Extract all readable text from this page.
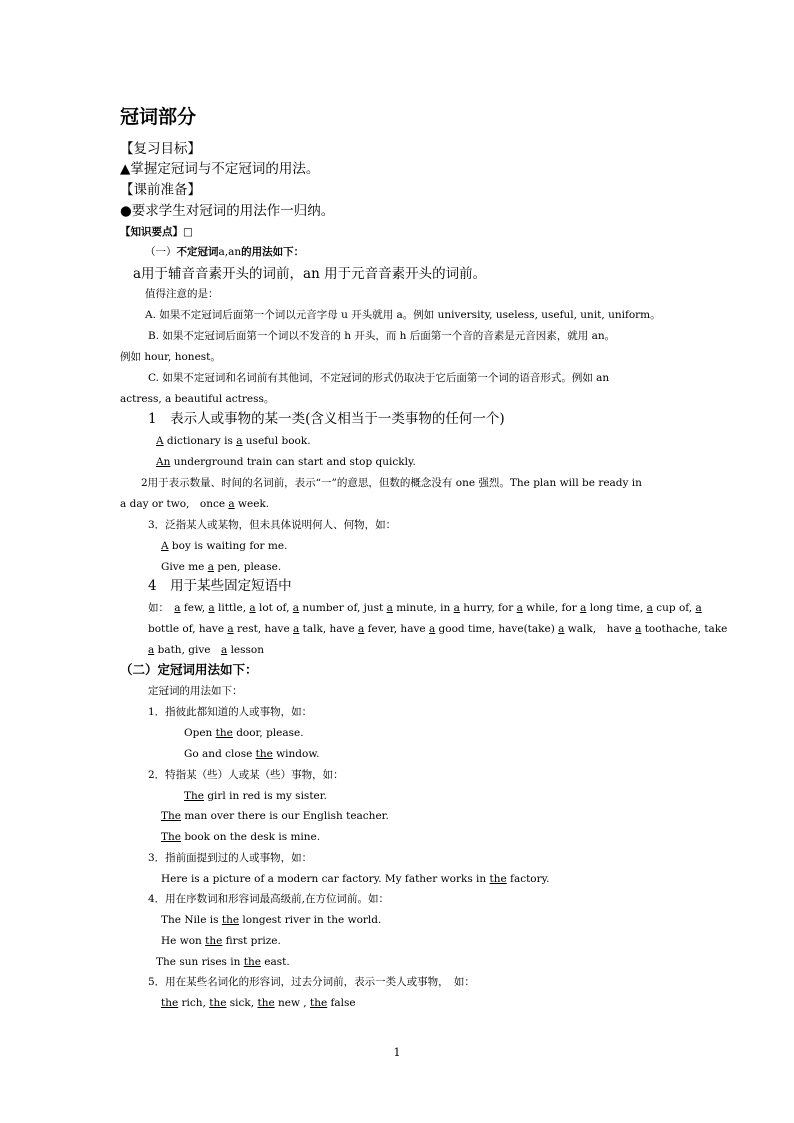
冠词部分
【复习目标】
▲掌握定冠词与不定冠词的用法。
【课前准备】
●要求学生对冠词的用法作一归纳。
【知识要点】□
（一）不定冠词a,an的用法如下：
a用于辅音音素开头的词前，an 用于元音音素开头的词前。
值得注意的是：
A. 如果不定冠词后面第一个词以元音字母 u 开头就用 a。例如 university, useless, useful, unit, uniform。
B. 如果不定冠词后面第一个词以不发音的 h 开头，而 h 后面第一个音的音素是元音因素，就用 an。
例如 hour, honest。
C. 如果不定冠词和名词前有其他词，不定冠词的形式仍取决于它后面第一个词的语音形式。例如 an
actress, a beautiful actress。
1　表示人或事物的某一类(含义相当于一类事物的任何一个)
A dictionary is a useful book.
An underground train can start and stop quickly.
2用于表示数量、时间的名词前，表示“一”的意思，但数的概念没有 one 强烈。The plan will be ready in
a day or two,　once a week.
3．泛指某人或某物，但未具体说明何人、何物，如：
A boy is waiting for me.
Give me a pen, please.
4　用于某些固定短语中
如：　a few, a little, a lot of, a number of, just a minute, in a hurry, for a while, for a long time, a cup of, a
bottle of, have a rest, have a talk, have a fever, have a good time, have(take) a walk,　have a toothache, take
a bath, give　a lesson
（二）定冠词用法如下：
定冠词的用法如下：
1．指彼此都知道的人或事物，如：
Open the door, please.
Go and close the window.
2．特指某（些）人或某（些）事物，如：
The girl in red is my sister.
The man over there is our English teacher.
The book on the desk is mine.
3．指前面提到过的人或事物，如：
Here is a picture of a modern car factory. My father works in the factory.
4．用在序数词和形容词最高级前,在方位词前。如：
The Nile is the longest river in the world.
He won the first prize.
The sun rises in the east.
5．用在某些名词化的形容词，过去分词前，表示一类人或事物，　如：
the rich, the sick, the new , the false
1
